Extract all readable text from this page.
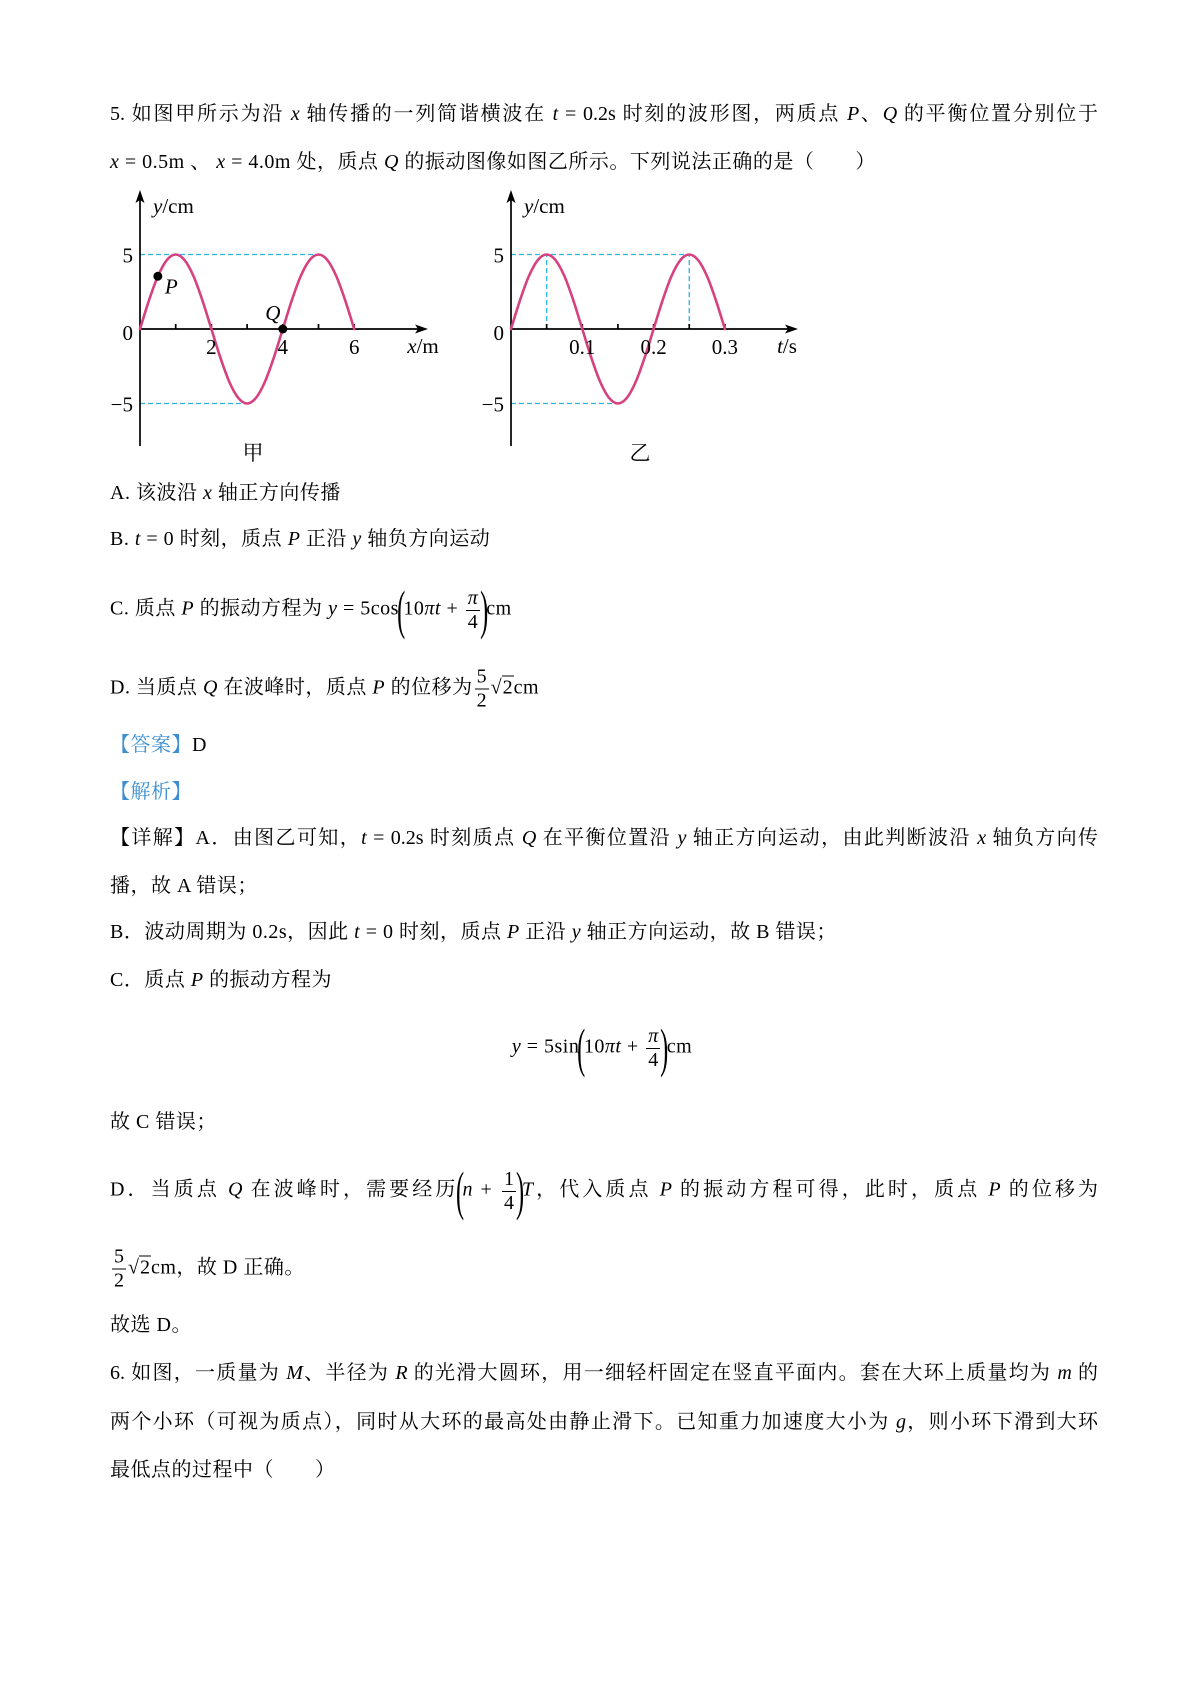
5. 如图甲所示为沿 x 轴传播的一列简谐横波在 t = 0.2s 时刻的波形图，两质点 P、Q 的平衡位置分别位于
x = 0.5m 、 x = 4.0m 处，质点 Q 的振动图像如图乙所示。下列说法正确的是（　　）
P
Q
0
5
−5
2	4	6
y/cm
x/m
甲
0
5
−5
0.1 0.2 0.3
y/cm
t/s
乙
A. 该波沿 x 轴正方向传播
B. t = 0 时刻，质点 P 正沿 y 轴负方向运动
C. 质点 P 的振动方程为 $y = 5\cos(10\pi t + \frac{\pi}{4} )cm$
D. 当质点 Q 在波峰时，质点 P 的位移为 $\frac{5}{2}$ √ 2cm
【答案】D
【解析】
【详解】A．由图乙可知，t = 0.2s 时刻质点 Q 在平衡位置沿 y 轴正方向运动，由此判断波沿 x 轴负方向传
播，故 A 错误；
B．波动周期为 0.2s，因此 t = 0 时刻，质点 P 正沿 y 轴正方向运动，故 B 错误；
C．质点 P 的振动方程为
$y = 5\sin(10\pi t + \frac{\pi}{4} )cm$
故 C 错误；
D．当质点 Q 在波峰时，需要经历$(n + \frac{1}{4} )T$，代入质点 P 的振动方程可得，此时，质点 P 的位移为
$\frac{5}{2}$ √ 2cm，故 D 正确。
故选 D。
6. 如图，一质量为 M、半径为 R 的光滑大圆环，用一细轻杆固定在竖直平面内。套在大环上质量均为 m 的
两个小环（可视为质点），同时从大环的最高处由静止滑下。已知重力加速度大小为 g，则小环下滑到大环
最低点的过程中（　　）
